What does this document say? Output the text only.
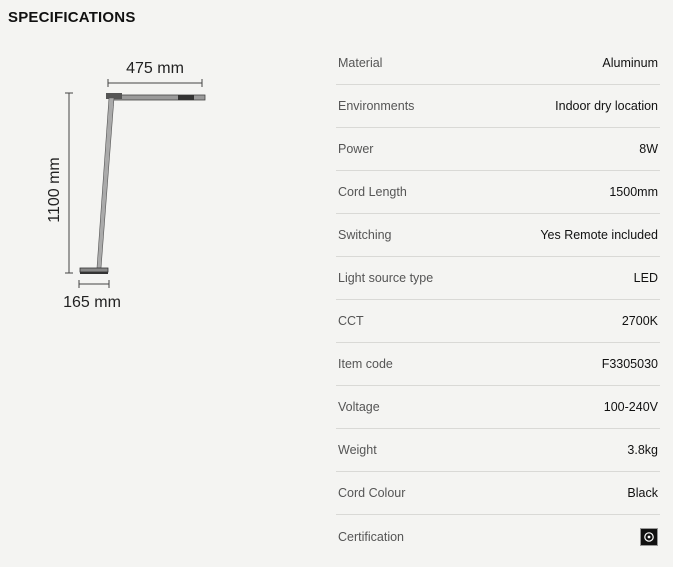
SPECIFICATIONS
475 mm
1100 mm
165 mm
Material	Aluminum
Environments	Indoor dry location
Power	8W
Cord Length	1500mm
Switching	Yes Remote included
Light source type	LED
CCT	2700K
Item code	F3305030
Voltage	100-240V
Weight	3.8kg
Cord Colour	Black
Certification
